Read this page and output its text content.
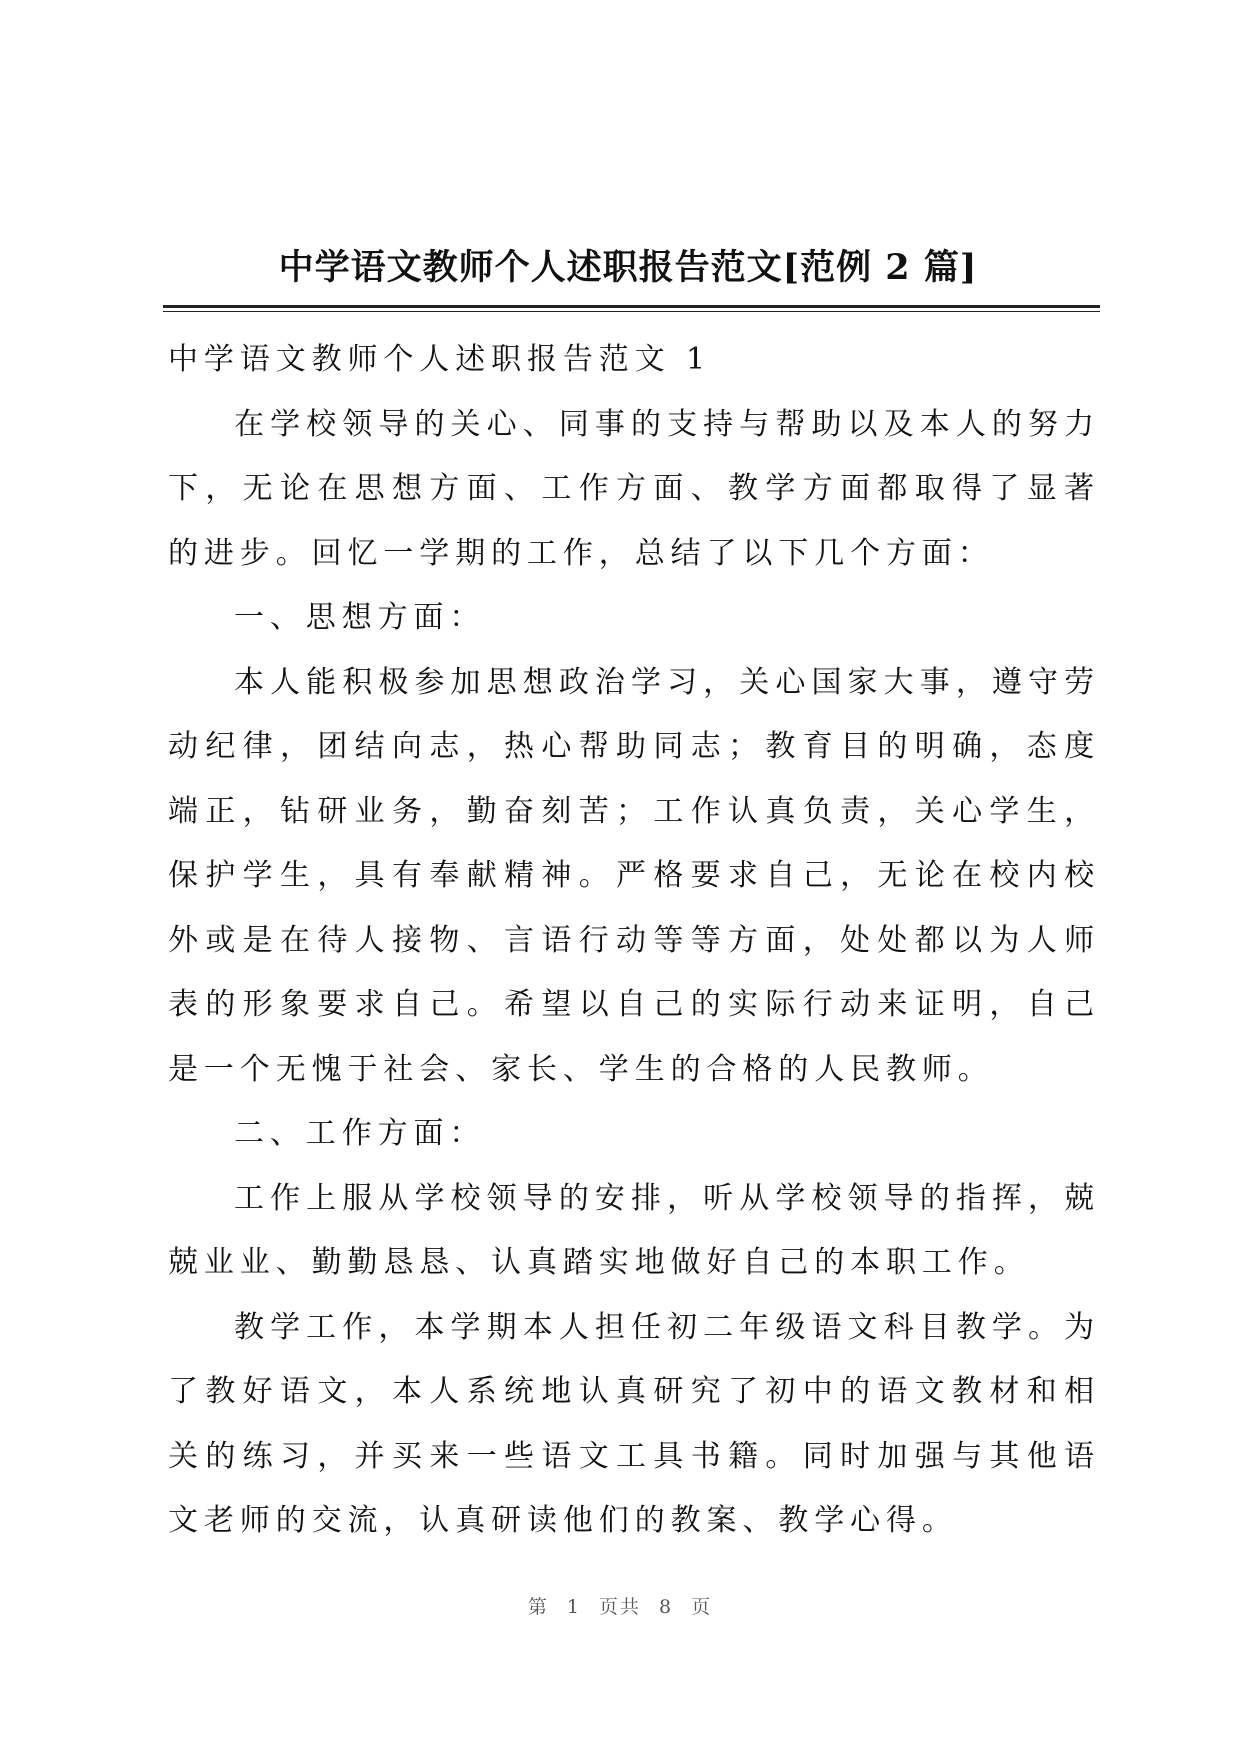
中学语文教师个人述职报告范文[范例 2 篇]

中学语文教师个人述职报告范文 1

在学校领导的关心、同事的支持与帮助以及本人的努力下，无论在思想方面、工作方面、教学方面都取得了显著的进步。回忆一学期的工作，总结了以下几个方面：

一、思想方面：

本人能积极参加思想政治学习，关心国家大事，遵守劳动纪律，团结向志，热心帮助同志；教育目的明确，态度端正，钻研业务，勤奋刻苦；工作认真负责，关心学生，保护学生，具有奉献精神。严格要求自己，无论在校内校外或是在待人接物、言语行动等等方面，处处都以为人师表的形象要求自己。希望以自己的实际行动来证明，自己是一个无愧于社会、家长、学生的合格的人民教师。

二、工作方面：

工作上服从学校领导的安排，听从学校领导的指挥，兢兢业业、勤勤恳恳、认真踏实地做好自己的本职工作。

教学工作，本学期本人担任初二年级语文科目教学。为了教好语文，本人系统地认真研究了初中的语文教材和相关的练习，并买来一些语文工具书籍。同时加强与其他语文老师的交流，认真研读他们的教案、教学心得。

第 1 页共 8 页
